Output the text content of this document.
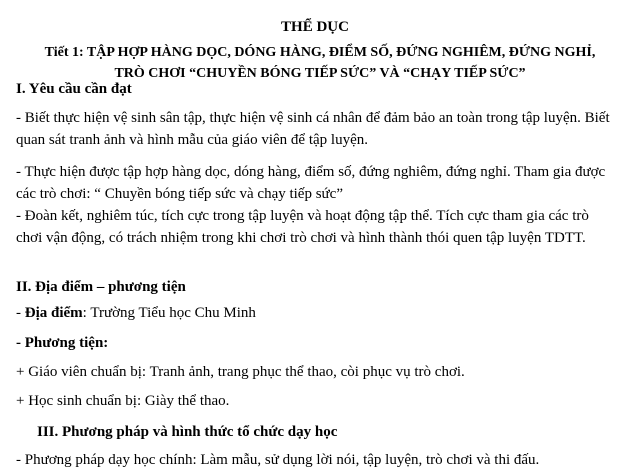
THỂ DỤC
Tiết 1: TẬP HỢP HÀNG DỌC, DÓNG HÀNG, ĐIỂM SỐ, ĐỨNG NGHIÊM, ĐỨNG NGHỈ, TRÒ CHƠI “CHUYỀN BÓNG TIẾP SỨC” VÀ “CHẠY TIẾP SỨC”
I. Yêu cầu cần đạt
- Biết thực hiện vệ sinh sân tập, thực hiện vệ sinh cá nhân để đảm bảo an toàn trong tập luyện. Biết quan sát tranh ảnh và hình mẫu của giáo viên để tập luyện.
- Thực hiện được tập hợp hàng dọc, dóng hàng, điểm số, đứng nghiêm, đứng nghỉ. Tham gia được các trò chơi: “ Chuyền bóng tiếp sức và chạy tiếp sức”
- Đoàn kết, nghiêm túc, tích cực trong tập luyện và hoạt động tập thể. Tích cực tham gia các trò chơi vận động, có trách nhiệm trong khi chơi trò chơi và hình thành thói quen tập luyện TDTT.
II. Địa điểm – phương tiện
- Địa điểm: Trường Tiểu học Chu Minh
- Phương tiện:
+ Giáo viên chuẩn bị: Tranh ảnh, trang phục thể thao, còi phục vụ trò chơi.
+ Học sinh chuẩn bị: Giày thể thao.
III. Phương pháp và hình thức tổ chức dạy học
- Phương pháp dạy học chính: Làm mẫu, sử dụng lời nói, tập luyện, trò chơi và thi đấu.
